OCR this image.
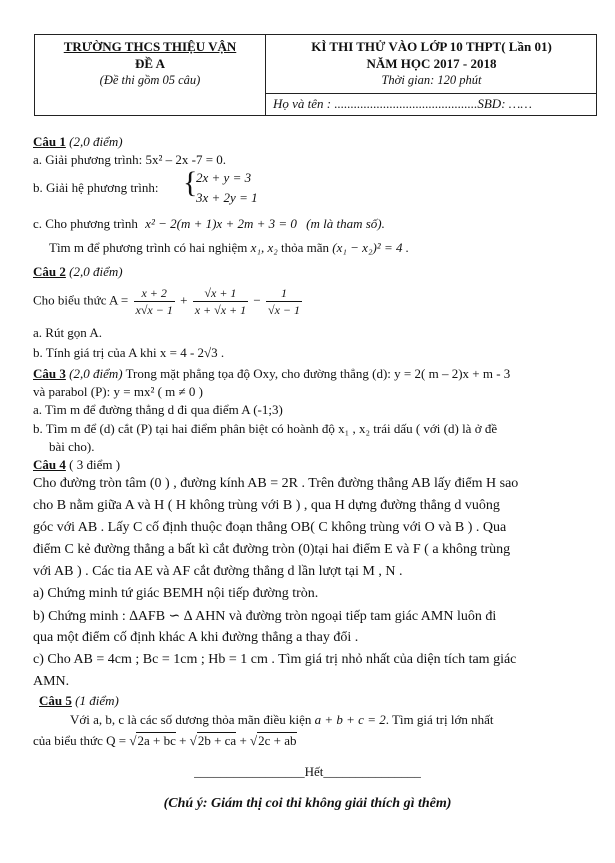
TRƯỜNG THCS THIỆU VẬN
ĐỀ A
(Đề thi gồm 05 câu)
KÌ THI THỬ VÀO LỚP 10 THPT( Lần 01)
NĂM HỌC 2017 - 2018
Thời gian: 120 phút
Họ và tên : ............................................SBD: ……
Câu 1 (2,0 điểm)
a. Giải phương trình: 5x² – 2x -7 = 0.
b. Giải hệ phương trình: {
2x + y = 3
3x + 2y = 1
c. Cho phương trình x² − 2(m + 1)x + 2m + 3 = 0 (m là tham số).
Tìm m để phương trình có hai nghiệm x₁, x₂ thỏa mãn (x₁ − x₂)² = 4 .
Câu 2 (2,0 điểm)
Cho biểu thức $A = \frac{x + 2}{x√x - 1} + \frac{√x + 1}{x + √x + 1} - \frac{1}{√x - 1}$
a. Rút gọn A.
b. Tính giá trị của A khi x = 4 - 2√3 .
Câu 3 (2,0 điểm) Trong mặt phẳng tọa độ Oxy, cho đường thẳng (d): y = 2( m – 2)x + m - 3
và parabol (P): y = mx² ( m ≠ 0 )
a. Tìm m để đường thẳng d đi qua điểm A (-1;3)
b. Tìm m để (d) cắt (P) tại hai điểm phân biệt có hoành độ x₁ , x₂ trái dấu ( với (d) là ở đề
bài cho).
Câu 4 ( 3 điểm )
Cho đường tròn tâm (0 ) , đường kính AB = 2R . Trên đường thẳng AB lấy điểm H sao
cho B nằm giữa A và H ( H không trùng với B ) , qua H dựng đường thẳng d vuông
góc với AB . Lấy C cố định thuộc đoạn thẳng OB( C không trùng với O và B ) . Qua
điểm C kẻ đường thẳng a bất kì cắt đường tròn (0)tại hai điểm E và F ( a không trùng
với AB ) . Các tia AE và AF cắt đường thẳng d lần lượt tại M , N .
a) Chứng minh tứ giác BEMH nội tiếp đường tròn.
b) Chứng minh : ∆AFB ∽ ∆ AHN và đường tròn ngoại tiếp tam giác AMN luôn đi
qua một điểm cố định khác A khi đường thẳng a thay đổi .
c) Cho AB = 4cm ; Bc = 1cm ; Hb = 1 cm . Tìm giá trị nhỏ nhất của diện tích tam giác
AMN.
Câu 5 (1 điểm)
Với a, b, c là các số dương thỏa mãn điều kiện a + b + c = 2. Tìm giá trị lớn nhất
của biểu thức Q = √2a + bc + √2b + ca + √2c + ab
_________________Hết_______________
(Chú ý: Giám thị coi thi không giải thích gì thêm)
